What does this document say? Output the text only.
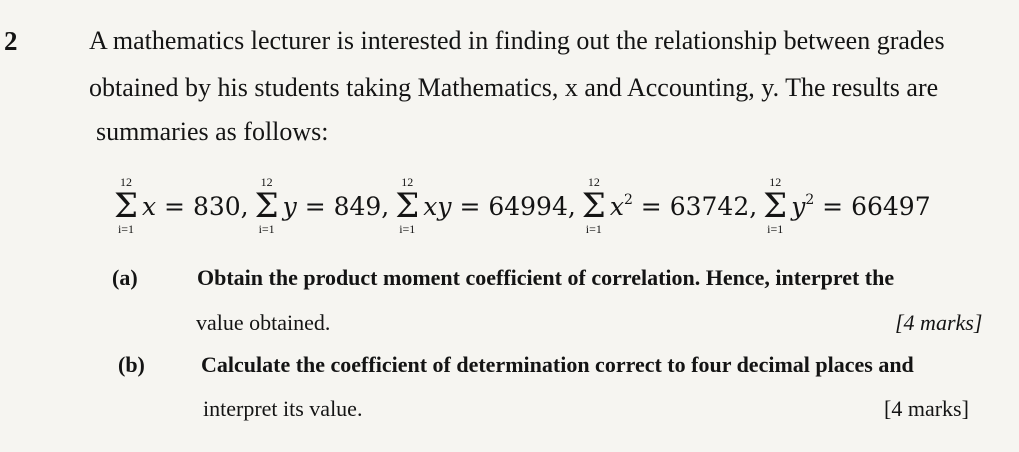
2	A mathematics lecturer is interested in finding out the relationship between grades
obtained by his students taking Mathematics, x and Accounting, y. The results are
summaries as follows:
12
Σ
i=1
x = 830,
12
Σ
i=1
y = 849,
12
Σ
i=1
xy = 64994,
12
Σ
i=1
$x^2 = 63742$,
12
Σ
i=1
$y^2 = 66497$
(a)	Obtain the product moment coefficient of correlation. Hence, interpret the
value obtained.	[4 marks]
(b)	Calculate the coefficient of determination correct to four decimal places and
interpret its value.	[4 marks]
